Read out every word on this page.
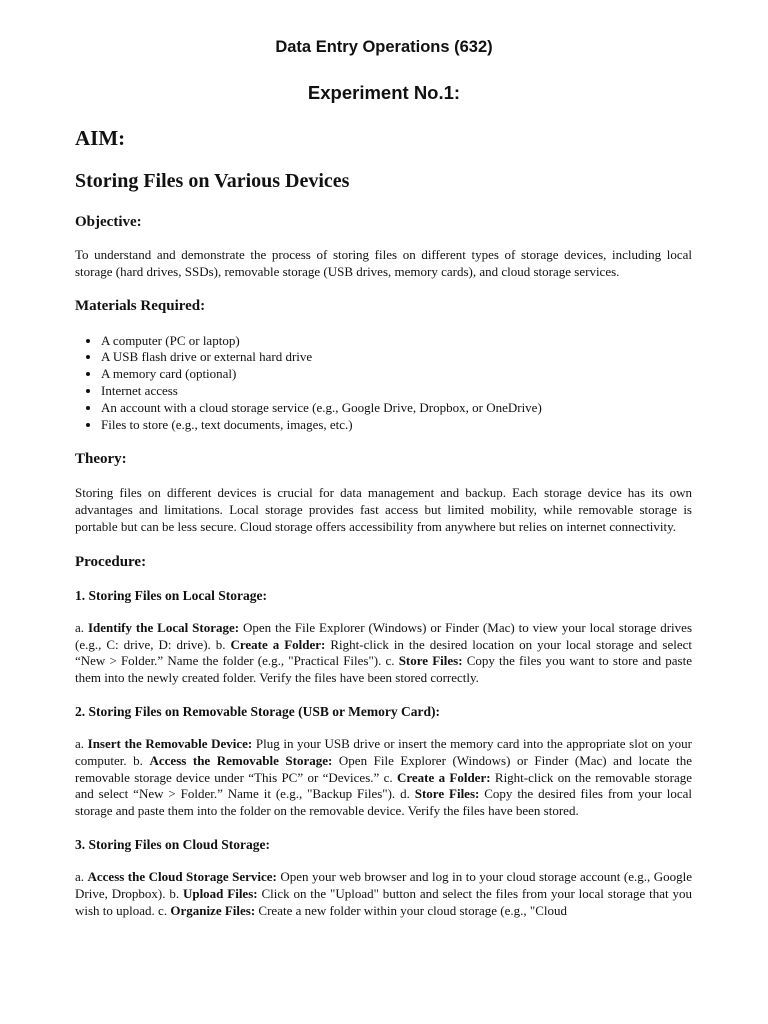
Data Entry Operations (632)
Experiment No.1:
AIM:
Storing Files on Various Devices
Objective:

To understand and demonstrate the process of storing files on different types of storage devices, including local storage (hard drives, SSDs), removable storage (USB drives, memory cards), and cloud storage services.

Materials Required:
• A computer (PC or laptop)
• A USB flash drive or external hard drive
• A memory card (optional)
• Internet access
• An account with a cloud storage service (e.g., Google Drive, Dropbox, or OneDrive)
• Files to store (e.g., text documents, images, etc.)
Theory:

Storing files on different devices is crucial for data management and backup. Each storage device has its own advantages and limitations. Local storage provides fast access but limited mobility, while removable storage is portable but can be less secure. Cloud storage offers accessibility from anywhere but relies on internet connectivity.

Procedure:
1. Storing Files on Local Storage:

a. Identify the Local Storage: Open the File Explorer (Windows) or Finder (Mac) to view your local storage drives (e.g., C: drive, D: drive). b. Create a Folder: Right-click in the desired location on your local storage and select “New > Folder.” Name the folder (e.g., "Practical Files"). c. Store Files: Copy the files you want to store and paste them into the newly created folder. Verify the files have been stored correctly.

2. Storing Files on Removable Storage (USB or Memory Card):

a. Insert the Removable Device: Plug in your USB drive or insert the memory card into the appropriate slot on your computer. b. Access the Removable Storage: Open File Explorer (Windows) or Finder (Mac) and locate the removable storage device under “This PC” or “Devices.” c. Create a Folder: Right-click on the removable storage and select “New > Folder.” Name it (e.g., "Backup Files"). d. Store Files: Copy the desired files from your local storage and paste them into the folder on the removable device. Verify the files have been stored.

3. Storing Files on Cloud Storage:

a. Access the Cloud Storage Service: Open your web browser and log in to your cloud storage account (e.g., Google Drive, Dropbox). b. Upload Files: Click on the "Upload" button and select the files from your local storage that you wish to upload. c. Organize Files: Create a new folder within your cloud storage (e.g., "Cloud
